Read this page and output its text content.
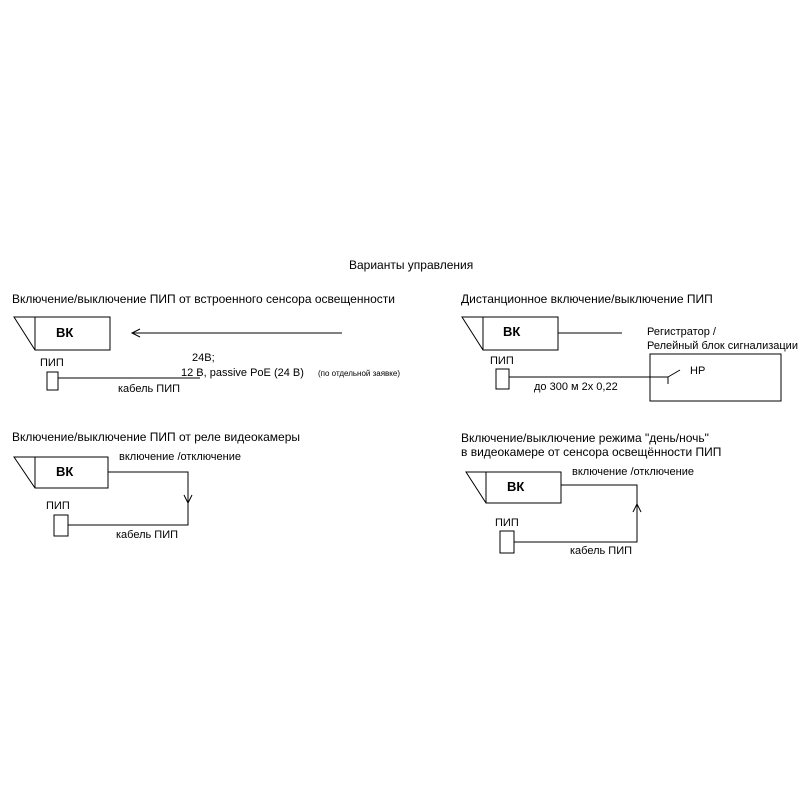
Варианты управления
Включение/выключение ПИП от встроенного сенсора освещенности
ВК
ПИП	24В;
12 В, passive PoE (24 В) (по отдельной заявке)
кабель ПИП
Дистанционное включение/выключение ПИП
ВК	Регистратор /
Релейный блок сигнализации
ПИП
НР
до 300 м 2х 0,22
Включение/выключение ПИП от реле видеокамеры
ВК
включение /отключение
ПИП
кабель ПИП
Включение/выключение режима "день/ночь"
в видеокамере от сенсора освещённости ПИП
ВК
включение /отключение
ПИП
кабель ПИП
